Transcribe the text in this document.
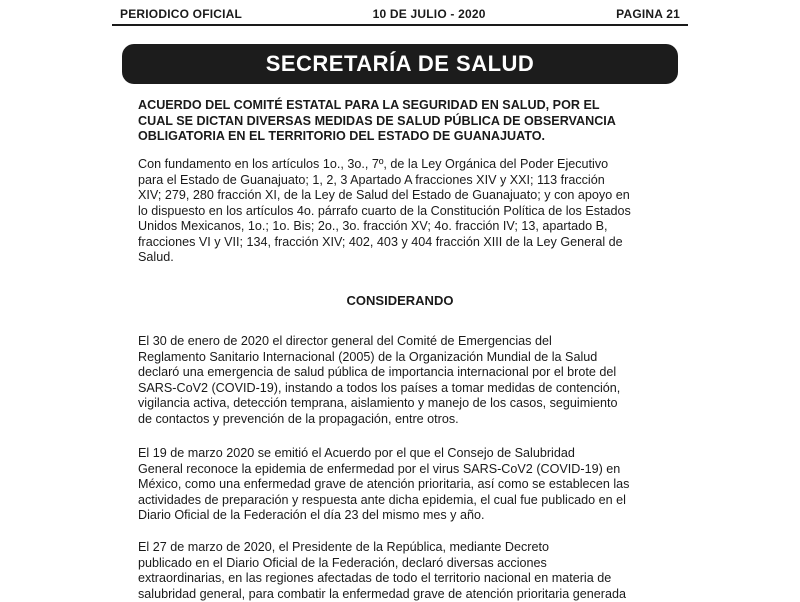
PERIODICO OFICIAL	10 DE JULIO - 2020	PAGINA 21
SECRETARÍA DE SALUD
ACUERDO DEL COMITÉ ESTATAL PARA LA SEGURIDAD EN SALUD, POR EL
CUAL SE DICTAN DIVERSAS MEDIDAS DE SALUD PÚBLICA DE OBSERVANCIA
OBLIGATORIA EN EL TERRITORIO DEL ESTADO DE GUANAJUATO.
Con fundamento en los artículos 1o., 3o., 7º, de la Ley Orgánica del Poder Ejecutivo
para el Estado de Guanajuato; 1, 2, 3 Apartado A fracciones XIV y XXI; 113 fracción
XIV; 279, 280 fracción XI, de la Ley de Salud del Estado de Guanajuato; y con apoyo en
lo dispuesto en los artículos 4o. párrafo cuarto de la Constitución Política de los Estados
Unidos Mexicanos, 1o.; 1o. Bis; 2o., 3o. fracción XV; 4o. fracción IV; 13, apartado B,
fracciones VI y VII; 134, fracción XIV; 402, 403 y 404 fracción XIII de la Ley General de
Salud.
CONSIDERANDO
El 30 de enero de 2020 el director general del Comité de Emergencias del
Reglamento Sanitario Internacional (2005) de la Organización Mundial de la Salud
declaró una emergencia de salud pública de importancia internacional por el brote del
SARS-CoV2 (COVID-19), instando a todos los países a tomar medidas de contención,
vigilancia activa, detección temprana, aislamiento y manejo de los casos, seguimiento
de contactos y prevención de la propagación, entre otros.
El 19 de marzo 2020 se emitió el Acuerdo por el que el Consejo de Salubridad
General reconoce la epidemia de enfermedad por el virus SARS-CoV2 (COVID-19) en
México, como una enfermedad grave de atención prioritaria, así como se establecen las
actividades de preparación y respuesta ante dicha epidemia, el cual fue publicado en el
Diario Oficial de la Federación el día 23 del mismo mes y año.
El 27 de marzo de 2020, el Presidente de la República, mediante Decreto
publicado en el Diario Oficial de la Federación, declaró diversas acciones
extraordinarias, en las regiones afectadas de todo el territorio nacional en materia de
salubridad general, para combatir la enfermedad grave de atención prioritaria generada
